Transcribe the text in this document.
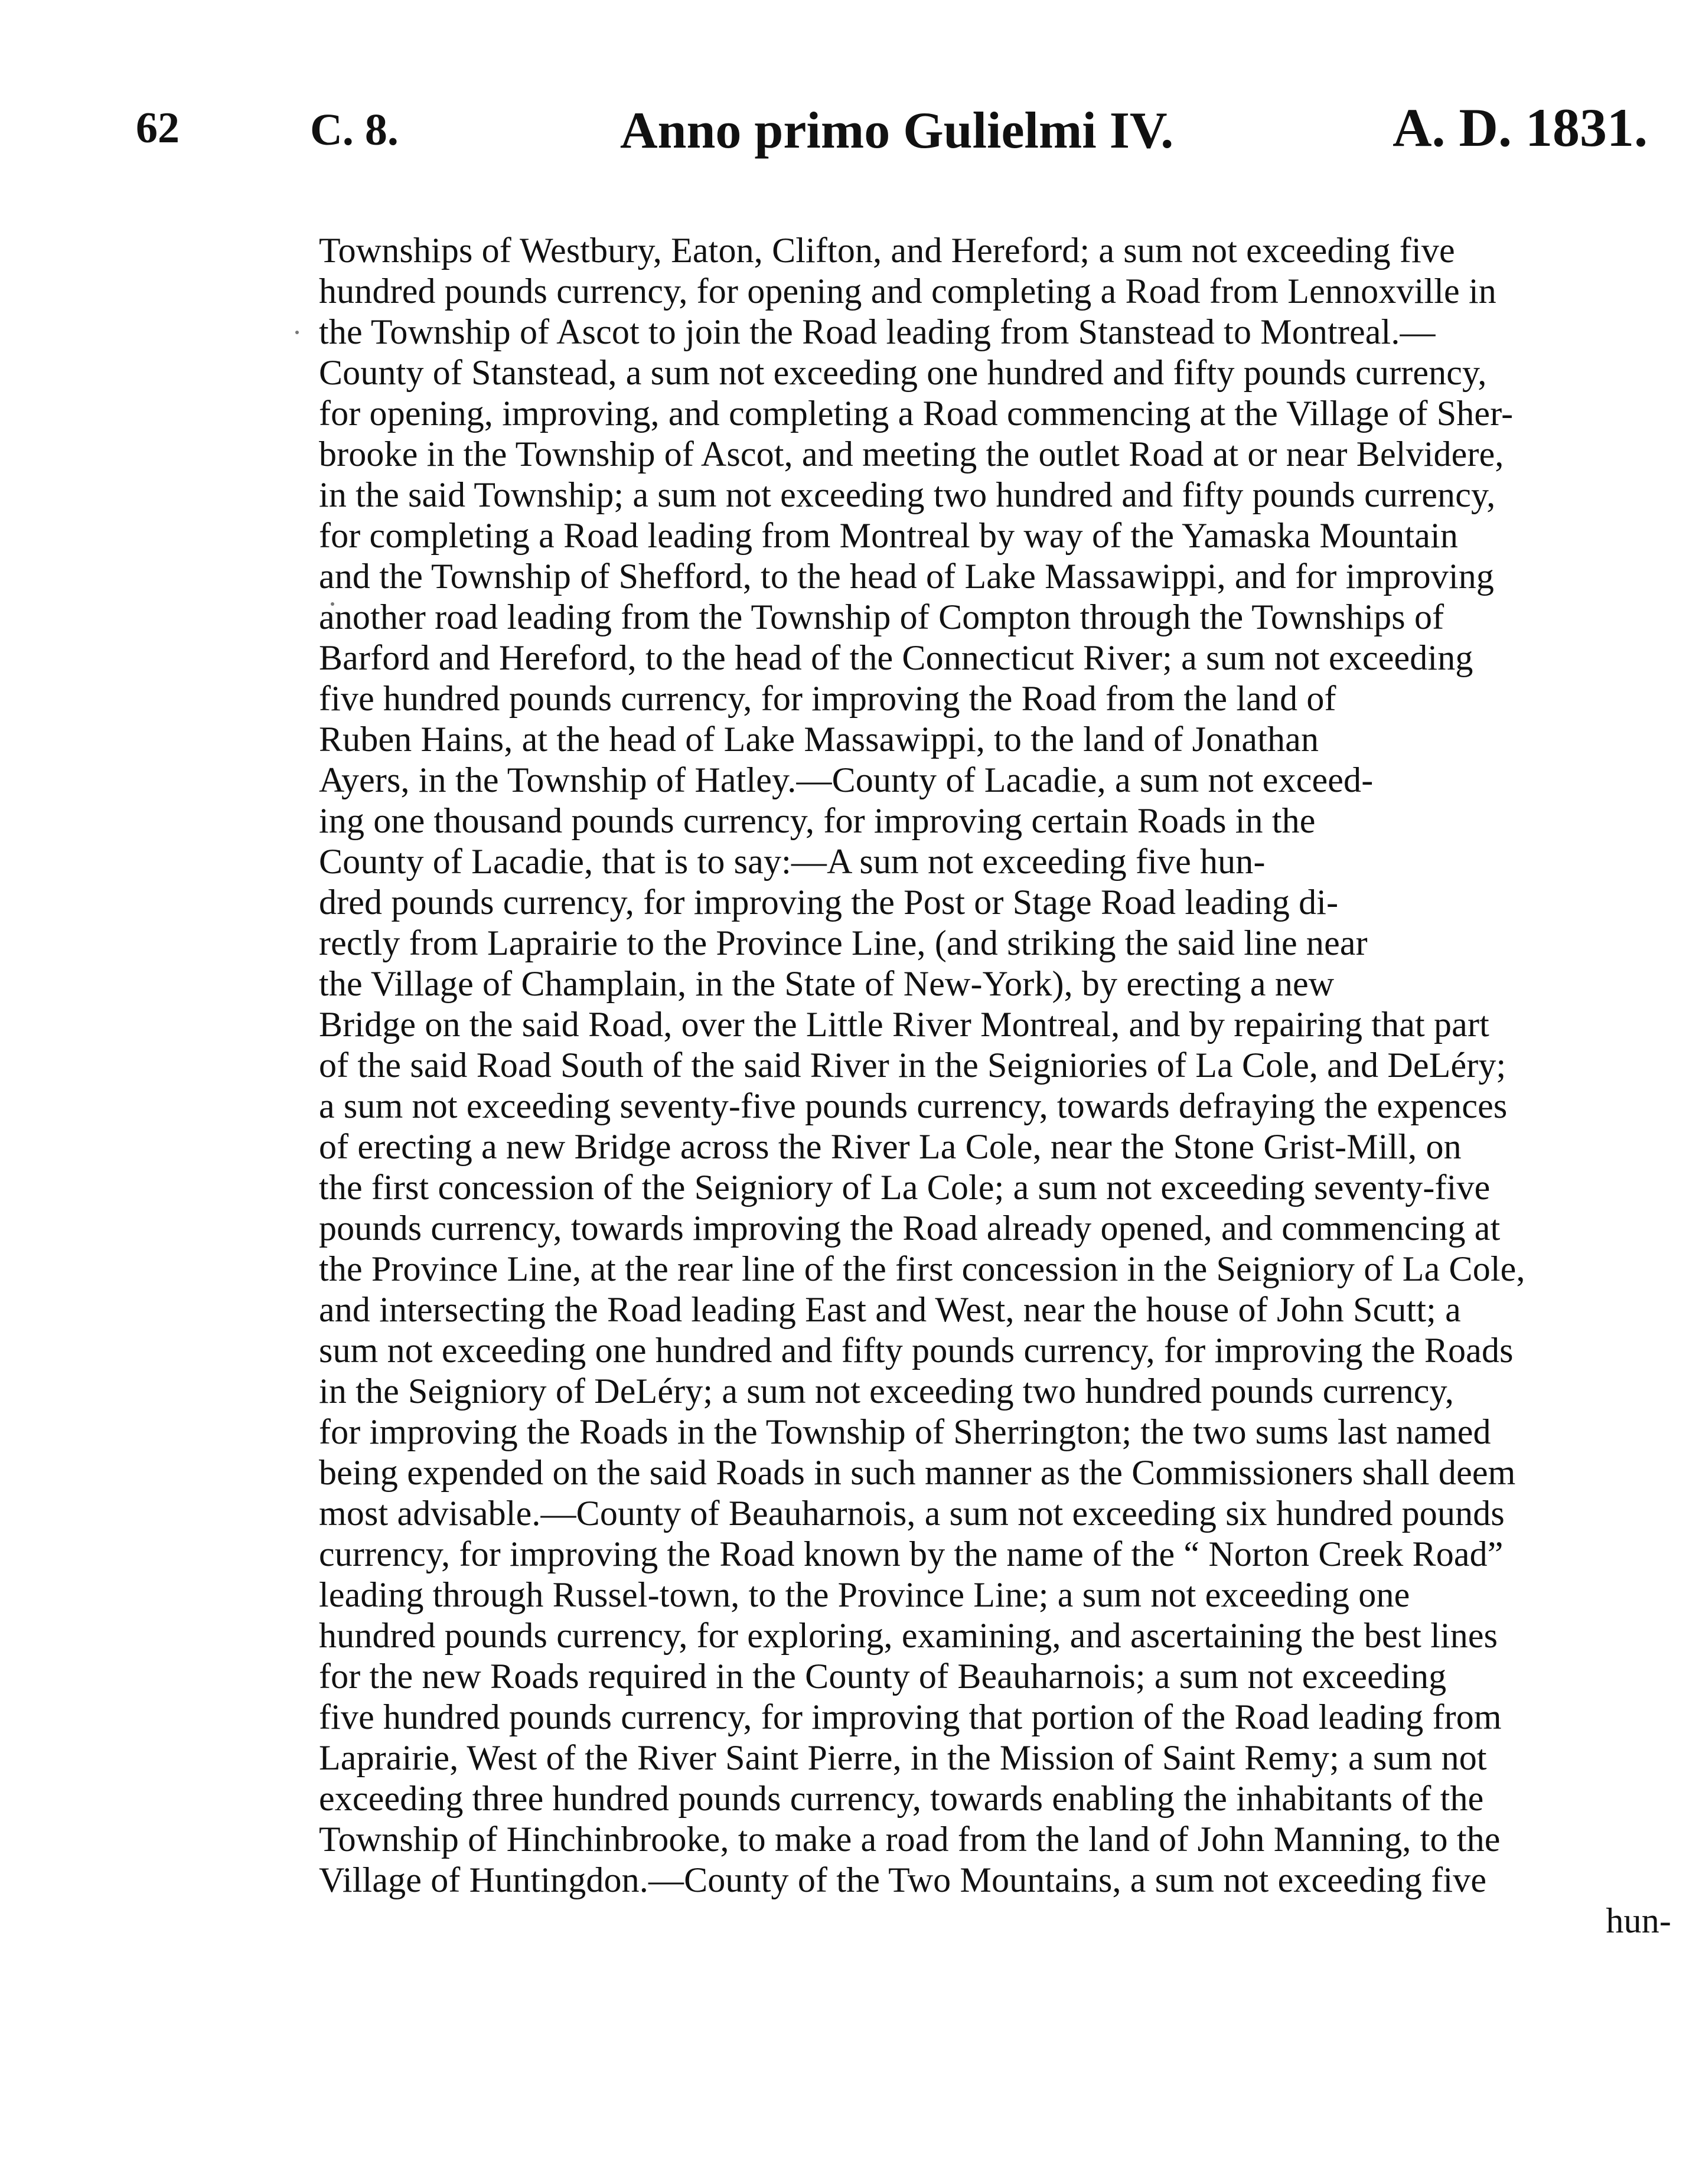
62	C. 8.	Anno primo Gulielmi IV.	A. D. 1831.
Townships of Westbury, Eaton, Clifton, and Hereford; a sum not exceeding five
hundred pounds currency, for opening and completing a Road from Lennoxville in
the Township of Ascot to join the Road leading from Stanstead to Montreal.—
County of Stanstead, a sum not exceeding one hundred and fifty pounds currency,
for opening, improving, and completing a Road commencing at the Village of Sher-
brooke in the Township of Ascot, and meeting the outlet Road at or near Belvidere,
in the said Township; a sum not exceeding two hundred and fifty pounds currency,
for completing a Road leading from Montreal by way of the Yamaska Mountain
and the Township of Shefford, to the head of Lake Massawippi, and for improving
another road leading from the Township of Compton through the Townships of
Barford and Hereford, to the head of the Connecticut River; a sum not exceeding
five hundred pounds currency, for improving the Road from the land of
Ruben Hains, at the head of Lake Massawippi, to the land of Jonathan
Ayers, in the Township of Hatley.—County of Lacadie, a sum not exceed-
ing one thousand pounds currency, for improving certain Roads in the
County of Lacadie, that is to say:—A sum not exceeding five hun-
dred pounds currency, for improving the Post or Stage Road leading di-
rectly from Laprairie to the Province Line, (and striking the said line near
the Village of Champlain, in the State of New-York), by erecting a new
Bridge on the said Road, over the Little River Montreal, and by repairing that part
of the said Road South of the said River in the Seigniories of La Cole, and DeLéry;
a sum not exceeding seventy-five pounds currency, towards defraying the expences
of erecting a new Bridge across the River La Cole, near the Stone Grist-Mill, on
the first concession of the Seigniory of La Cole; a sum not exceeding seventy-five
pounds currency, towards improving the Road already opened, and commencing at
the Province Line, at the rear line of the first concession in the Seigniory of La Cole,
and intersecting the Road leading East and West, near the house of John Scutt; a
sum not exceeding one hundred and fifty pounds currency, for improving the Roads
in the Seigniory of DeLéry; a sum not exceeding two hundred pounds currency,
for improving the Roads in the Township of Sherrington; the two sums last named
being expended on the said Roads in such manner as the Commissioners shall deem
most advisable.—County of Beauharnois, a sum not exceeding six hundred pounds
currency, for improving the Road known by the name of the “ Norton Creek Road”
leading through Russel-town, to the Province Line; a sum not exceeding one
hundred pounds currency, for exploring, examining, and ascertaining the best lines
for the new Roads required in the County of Beauharnois; a sum not exceeding
five hundred pounds currency, for improving that portion of the Road leading from
Laprairie, West of the River Saint Pierre, in the Mission of Saint Remy; a sum not
exceeding three hundred pounds currency, towards enabling the inhabitants of the
Township of Hinchinbrooke, to make a road from the land of John Manning, to the
Village of Huntingdon.—County of the Two Mountains, a sum not exceeding five
hun-
